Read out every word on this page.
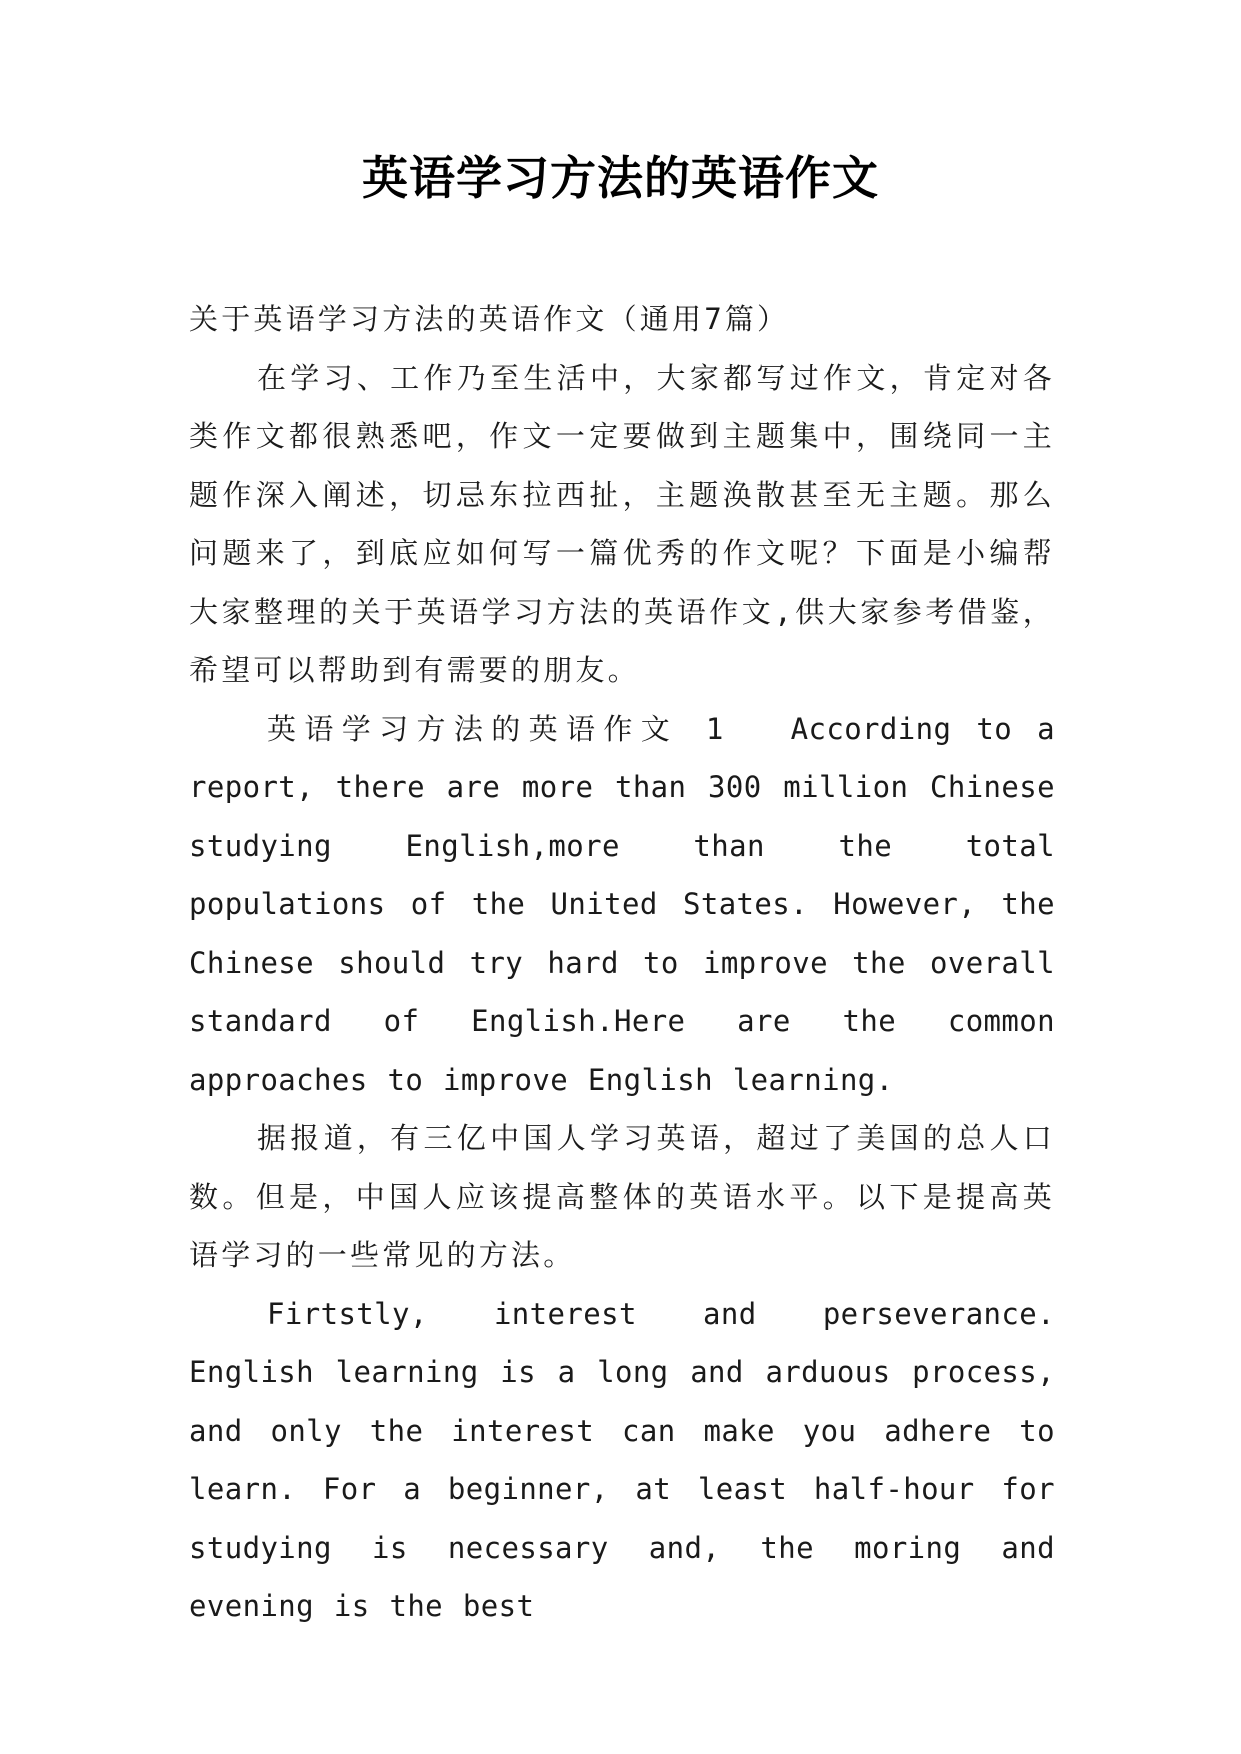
英语学习方法的英语作文

关于英语学习方法的英语作文（通用7篇）

在学习、工作乃至生活中，大家都写过作文，肯定对各类作文都很熟悉吧，作文一定要做到主题集中，围绕同一主题作深入阐述，切忌东拉西扯，主题涣散甚至无主题。那么问题来了，到底应如何写一篇优秀的作文呢？下面是小编帮大家整理的关于英语学习方法的英语作文,供大家参考借鉴，希望可以帮助到有需要的朋友。

英语学习方法的英语作文 1 According to a report, there are more than 300 million Chinese studying English,more than the total populations of the United States. However, the Chinese should try hard to improve the overall standard of English.Here are the common approaches to improve English learning.

据报道，有三亿中国人学习英语，超过了美国的总人口数。但是，中国人应该提高整体的英语水平。以下是提高英语学习的一些常见的方法。

Firtstly, interest and perseverance. English learning is a long and arduous process, and only the interest can make you adhere to learn. For a beginner, at least half-hour for studying is necessary and, the moring and evening is the best
